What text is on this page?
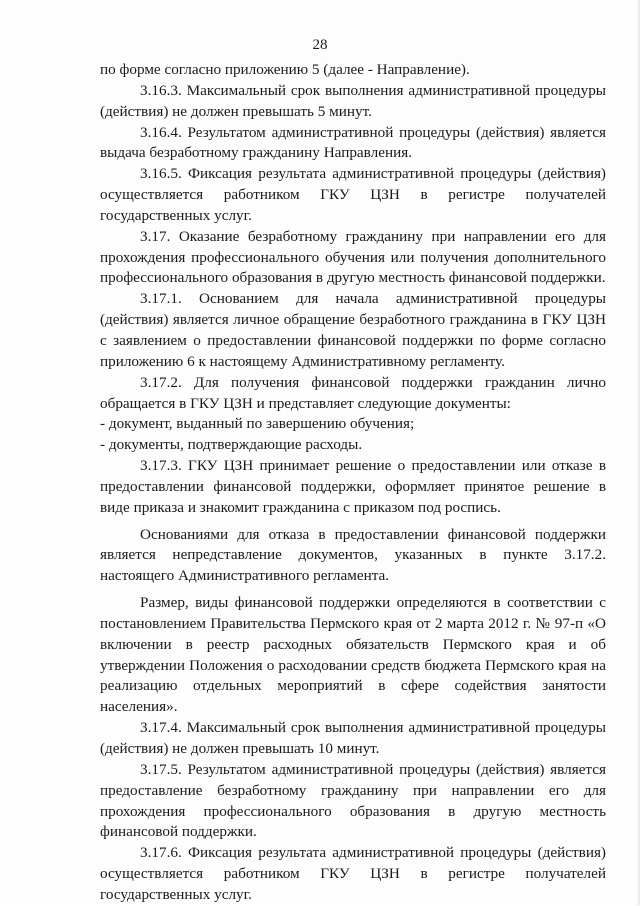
28

по форме согласно приложению 5 (далее - Направление).

3.16.3. Максимальный срок выполнения административной процедуры (действия) не должен превышать 5 минут.

3.16.4. Результатом административной процедуры (действия) является выдача безработному гражданину Направления.

3.16.5. Фиксация результата административной процедуры (действия) осуществляется работником ГКУ ЦЗН в регистре получателей государственных услуг.

3.17. Оказание безработному гражданину при направлении его для прохождения профессионального обучения или получения дополнительного профессионального образования в другую местность финансовой поддержки.

3.17.1. Основанием для начала административной процедуры (действия) является личное обращение безработного гражданина в ГКУ ЦЗН с заявлением о предоставлении финансовой поддержки по форме согласно приложению 6 к настоящему Административному регламенту.

3.17.2. Для получения финансовой поддержки гражданин лично обращается в ГКУ ЦЗН и представляет следующие документы:

- документ, выданный по завершению обучения;

- документы, подтверждающие расходы.

3.17.3. ГКУ ЦЗН принимает решение о предоставлении или отказе в предоставлении финансовой поддержки, оформляет принятое решение в виде приказа и знакомит гражданина с приказом под роспись.

Основаниями для отказа в предоставлении финансовой поддержки является непредставление документов, указанных в пункте 3.17.2. настоящего Административного регламента.

Размер, виды финансовой поддержки определяются в соответствии с постановлением Правительства Пермского края от 2 марта 2012 г. № 97-п «О включении в реестр расходных обязательств Пермского края и об утверждении Положения о расходовании средств бюджета Пермского края на реализацию отдельных мероприятий в сфере содействия занятости населения».

3.17.4. Максимальный срок выполнения административной процедуры (действия) не должен превышать 10 минут.

3.17.5. Результатом административной процедуры (действия) является предоставление безработному гражданину при направлении его для прохождения профессионального образования в другую местность финансовой поддержки.

3.17.6. Фиксация результата административной процедуры (действия) осуществляется работником ГКУ ЦЗН в регистре получателей государственных услуг.
